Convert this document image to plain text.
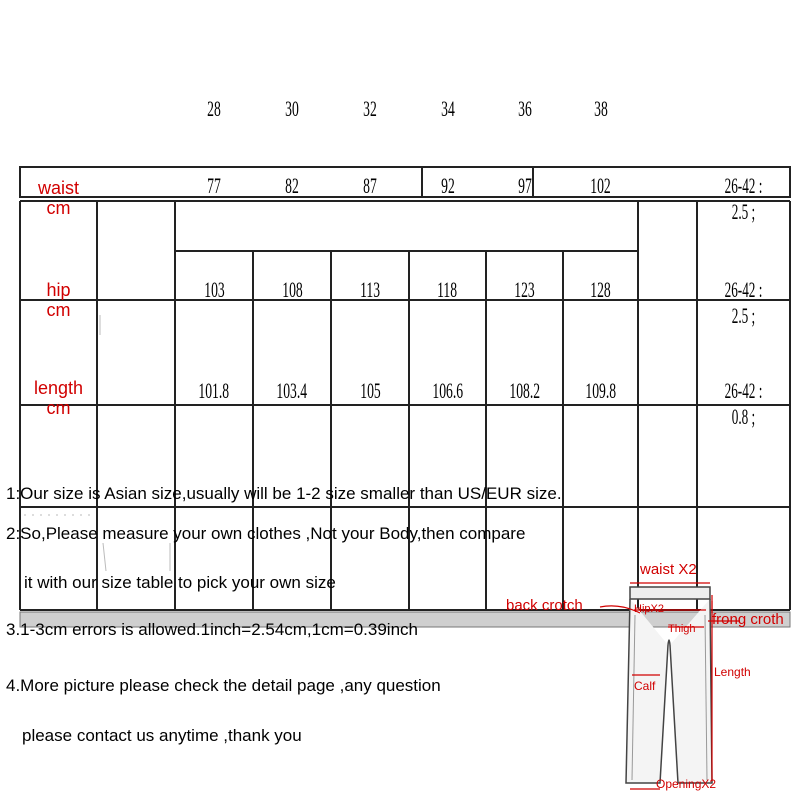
28	30	32	34	36	38
waist
cm
77	82	87	92	97	102	26-42 : 2.5 ;
hip
cm
103	108	113	118	123	128	26-42 : 2.5 ;
length
cm
101.8	103.4	105	106.6	108.2	109.8	26-42 : 0.8 ;
1:Our size is Asian size,usually will be 1-2 size smaller than US/EUR size.
2:So,Please measure your own clothes ,Not your Body,then compare
it with our size table to pick your own size
3.1-3cm errors is allowed.1inch=2.54cm,1cm=0.39inch
4.More picture please check the detail page ,any question
please contact us anytime ,thank you
waist X2
back crotch	HipX2
Thigh
frong croth
Length
Calf
OpeningX2
